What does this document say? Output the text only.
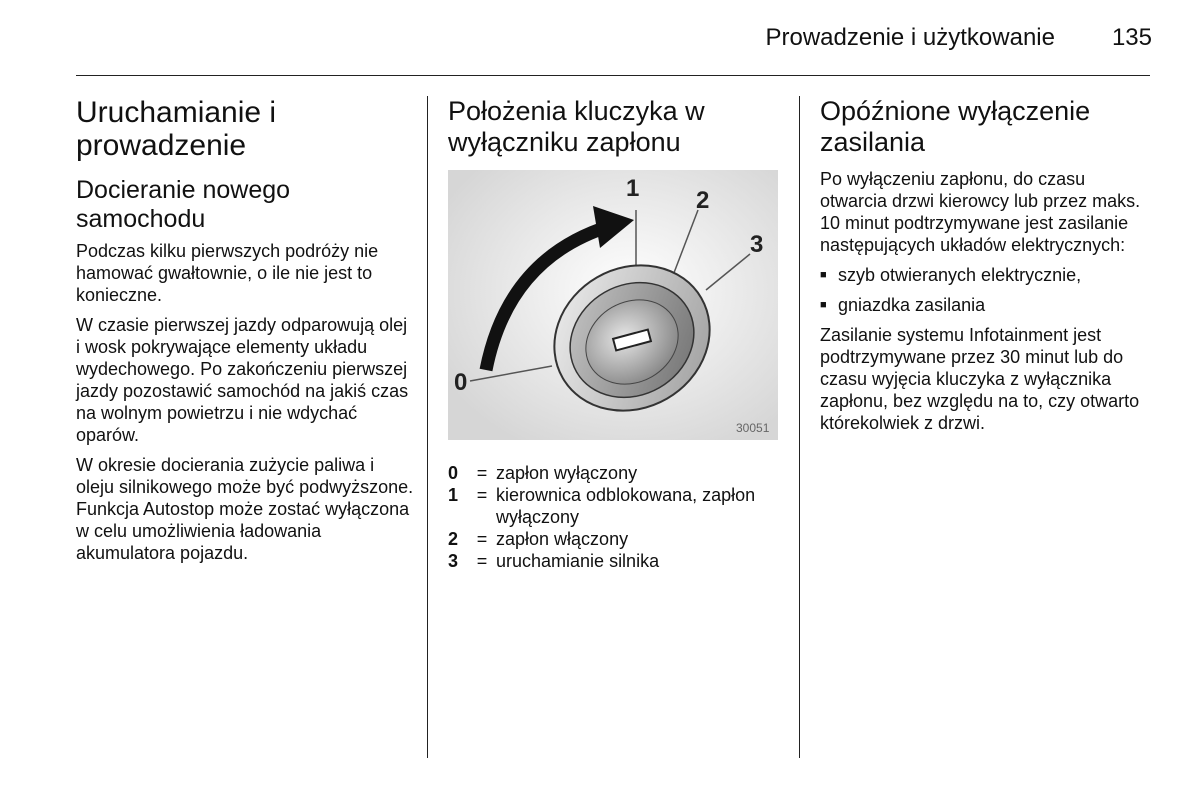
Prowadzenie i użytkowanie 135
Uruchamianie i prowadzenie
Docieranie nowego samochodu

Podczas kilku pierwszych podróży nie hamować gwałtownie, o ile nie jest to konieczne.

W czasie pierwszej jazdy odparowują olej i wosk pokrywające elementy układu wydechowego. Po zakończeniu pierwszej jazdy pozostawić samochód na jakiś czas na wolnym powietrzu i nie wdychać oparów.

W okresie docierania zużycie paliwa i oleju silnikowego może być podwyższone. Funkcja Autostop może zostać wyłączona w celu umożliwienia ładowania akumulatora pojazdu.

Położenia kluczyka w wyłączniku zapłonu
0
1 2
3
30051
0	= zapłon wyłączony
1	= kierownica odblokowana, zapłon wyłączony
2	= zapłon włączony
3	= uruchamianie silnika
Opóźnione wyłączenie zasilania

Po wyłączeniu zapłonu, do czasu otwarcia drzwi kierowcy lub przez maks. 10 minut podtrzymywane jest zasilanie następujących układów elektrycznych:

■ szyb otwieranych elektrycznie,
■ gniazdka zasilania

Zasilanie systemu Infotainment jest podtrzymywane przez 30 minut lub do czasu wyjęcia kluczyka z wyłącznika zapłonu, bez względu na to, czy otwarto którekolwiek z drzwi.
